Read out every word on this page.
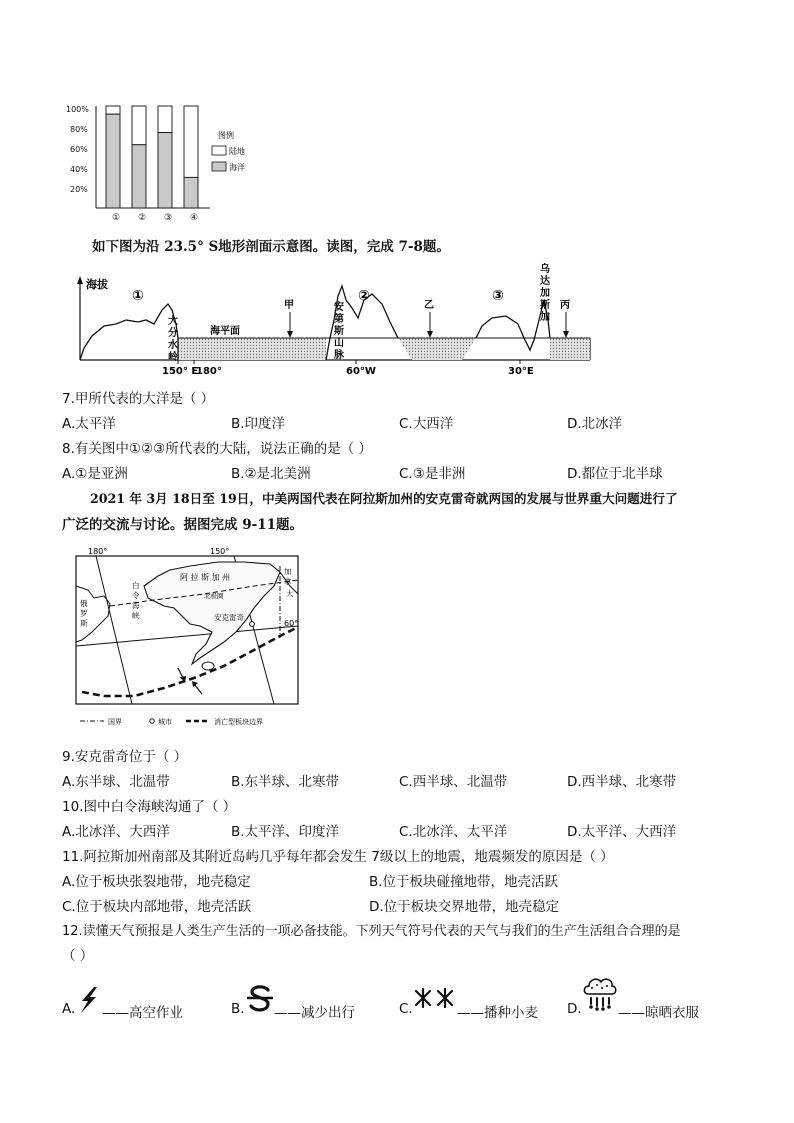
100%
80%
60%
40%
20%
① ② ③ ④
图例
陆地
海洋
如下图为沿 23.5° S地形剖面示意图。读图，完成 7-8题。
海拔
①	②	③
大
分
水
岭
安
第
斯
山
脉
乌
达
加
斯
加
海平面
甲	乙	丙
150° E
180°	60°W	30°E
7.甲所代表的大洋是（ ）
A.太平洋	B.印度洋	C.大西洋	D.北冰洋
8.有关图中①②③所代表的大陆，说法正确的是（ ）
A.①是亚洲	B.②是北美洲	C.③是非洲	D.都位于北半球
2021 年 3月 18日至 19日，中美两国代表在阿拉斯加州的安克雷奇就两国的发展与世界重大问题进行了
广泛的交流与讨论。据图完成 9-11题。
180°	150°
60°
安克雷奇
阿 拉 斯 加 州
北极圈
白
令
海
峡
俄
罗
斯
加
拿
大
国界	城市	消亡型板块边界
9.安克雷奇位于（ ）
A.东半球、北温带	B.东半球、北寒带	C.西半球、北温带	D.西半球、北寒带
10.图中白令海峡沟通了（ ）
A.北冰洋、大西洋	B.太平洋、印度洋	C.北冰洋、太平洋	D.太平洋、大西洋
11.阿拉斯加州南部及其附近岛屿几乎每年都会发生 7级以上的地震，地震频发的原因是（ ）
A.位于板块张裂地带，地壳稳定	B.位于板块碰撞地带，地壳活跃
C.位于板块内部地带，地壳活跃	D.位于板块交界地带，地壳稳定
12.读懂天气预报是人类生产生活的一项必备技能。下列天气符号代表的天气与我们的生产生活组合合理的是
（ ）
A. ——高空作业	B. ——减少出行	C.	——播种小麦 D.	——晾晒衣服
